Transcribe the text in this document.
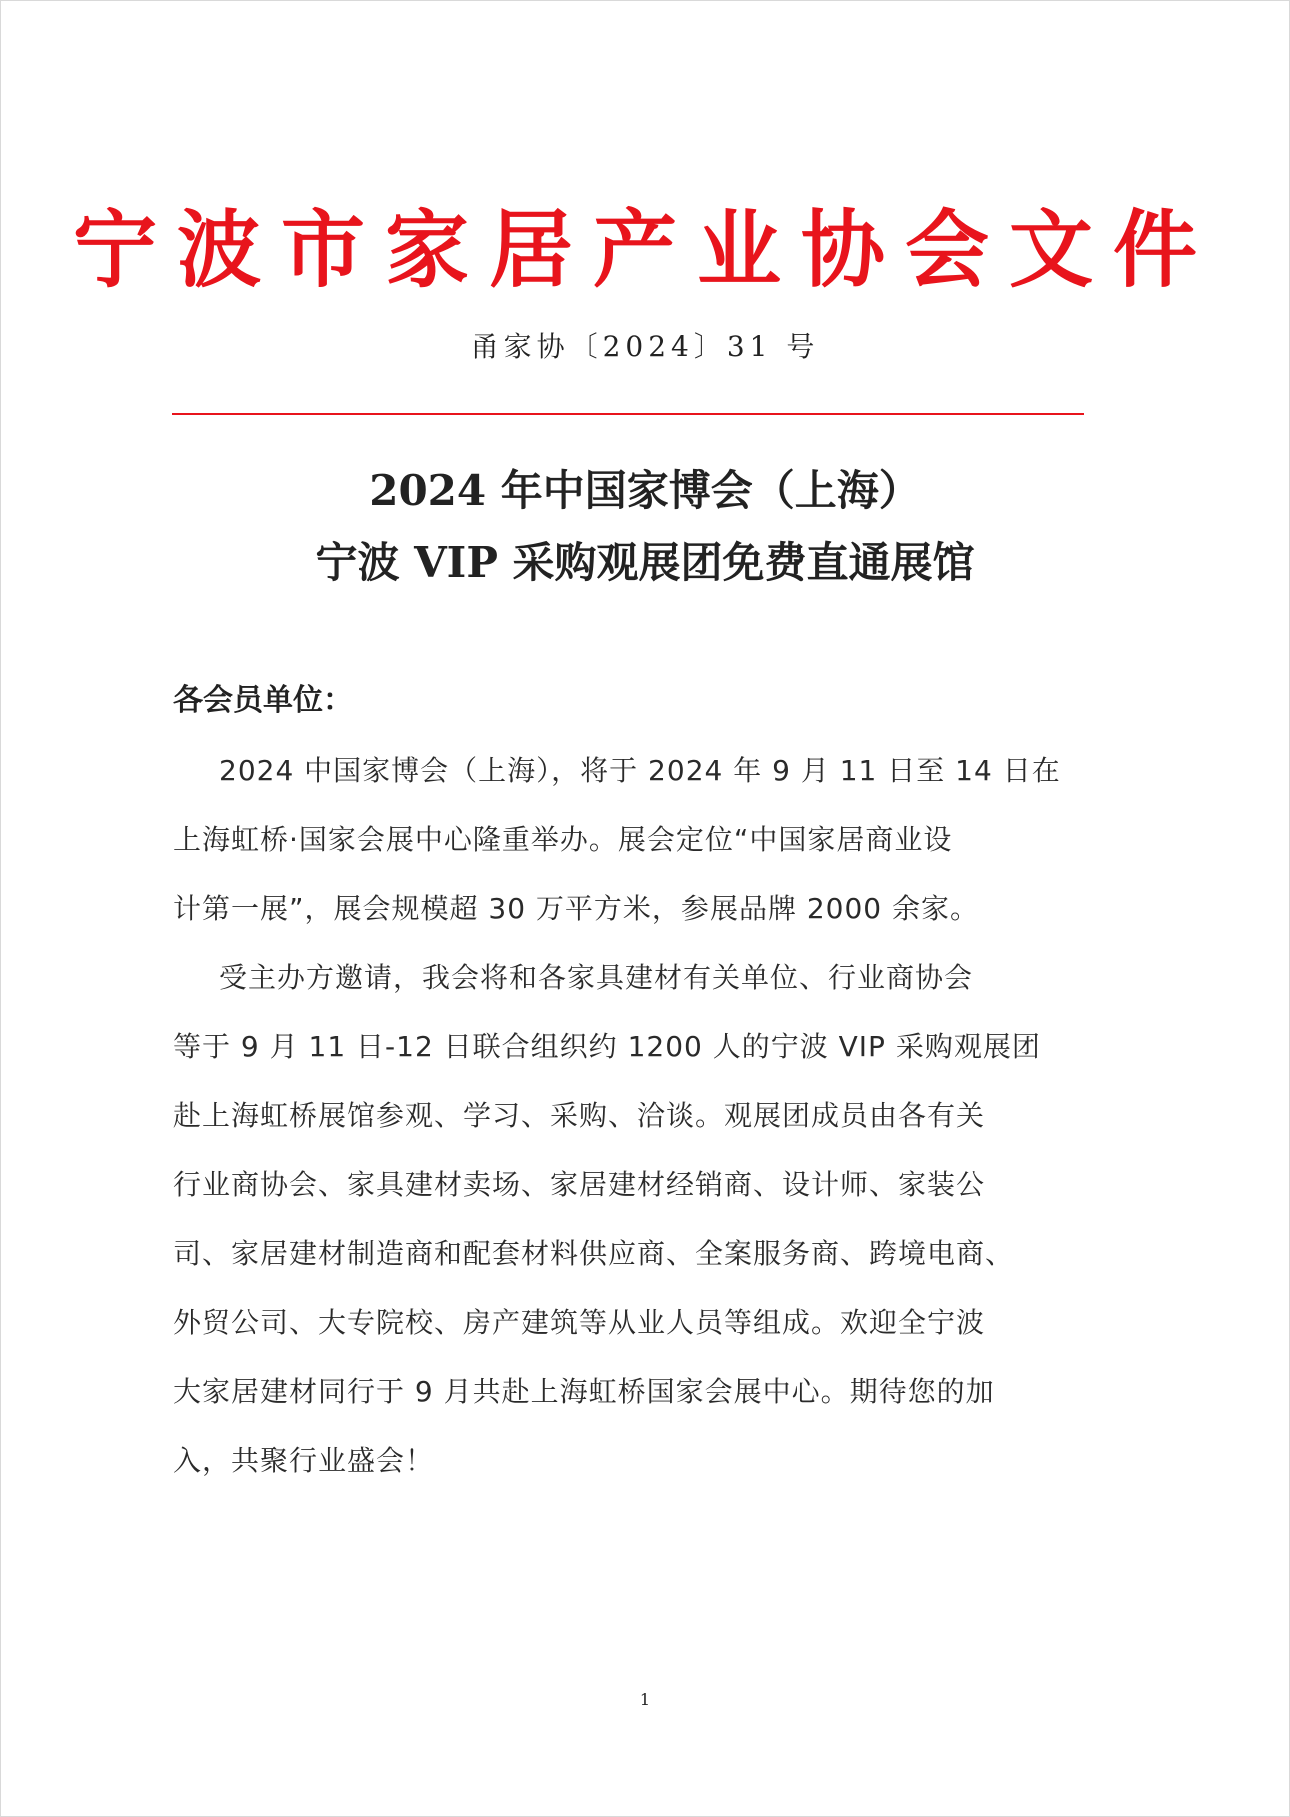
宁波市家居产业协会文件
甬家协〔2024〕31 号
2024 年中国家博会（上海）
宁波 VIP 采购观展团免费直通展馆
各会员单位：
2024 中国家博会（上海），将于 2024 年 9 月 11 日至 14 日在
上海虹桥·国家会展中心隆重举办。展会定位“中国家居商业设
计第一展”，展会规模超 30 万平方米，参展品牌 2000 余家。
受主办方邀请，我会将和各家具建材有关单位、行业商协会
等于 9 月 11 日-12 日联合组织约 1200 人的宁波 VIP 采购观展团
赴上海虹桥展馆参观、学习、采购、洽谈。观展团成员由各有关
行业商协会、家具建材卖场、家居建材经销商、设计师、家装公
司、家居建材制造商和配套材料供应商、全案服务商、跨境电商、
外贸公司、大专院校、房产建筑等从业人员等组成。欢迎全宁波
大家居建材同行于 9 月共赴上海虹桥国家会展中心。期待您的加
入，共聚行业盛会！
1
